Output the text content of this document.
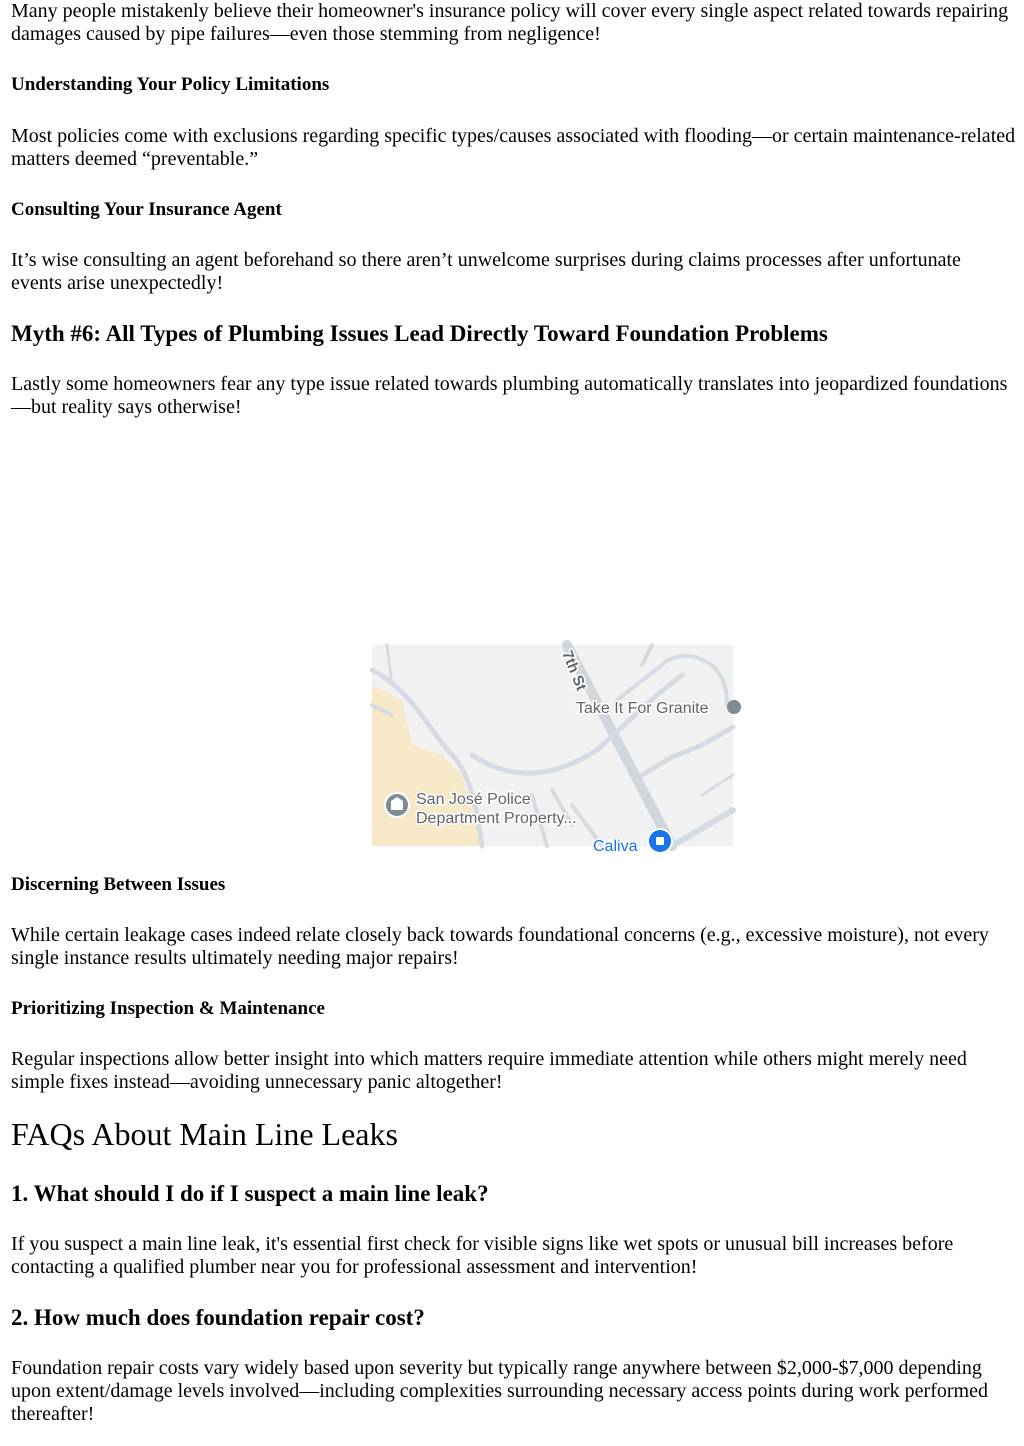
Many people mistakenly believe their homeowner's insurance policy will cover every single aspect related towards repairing damages caused by pipe failures—even those stemming from negligence!

Understanding Your Policy Limitations

Most policies come with exclusions regarding specific types/causes associated with flooding—or certain maintenance-related matters deemed “preventable.”

Consulting Your Insurance Agent

It’s wise consulting an agent beforehand so there aren’t unwelcome surprises during claims processes after unfortunate events arise unexpectedly!

Myth #6: All Types of Plumbing Issues Lead Directly Toward Foundation Problems

Lastly some homeowners fear any type issue related towards plumbing automatically translates into jeopardized foundations—but reality says otherwise!

7th St
Take It For Granite
San José Police
Department Property...
Caliva
Discerning Between Issues

While certain leakage cases indeed relate closely back towards foundational concerns (e.g., excessive moisture), not every single instance results ultimately needing major repairs!

Prioritizing Inspection & Maintenance

Regular inspections allow better insight into which matters require immediate attention while others might merely need simple fixes instead—avoiding unnecessary panic altogether!

FAQs About Main Line Leaks
1. What should I do if I suspect a main line leak?

If you suspect a main line leak, it's essential first check for visible signs like wet spots or unusual bill increases before contacting a qualified plumber near you for professional assessment and intervention!

2. How much does foundation repair cost?

Foundation repair costs vary widely based upon severity but typically range anywhere between $2,000-$7,000 depending upon extent/damage levels involved—including complexities surrounding necessary access points during work performed thereafter!
